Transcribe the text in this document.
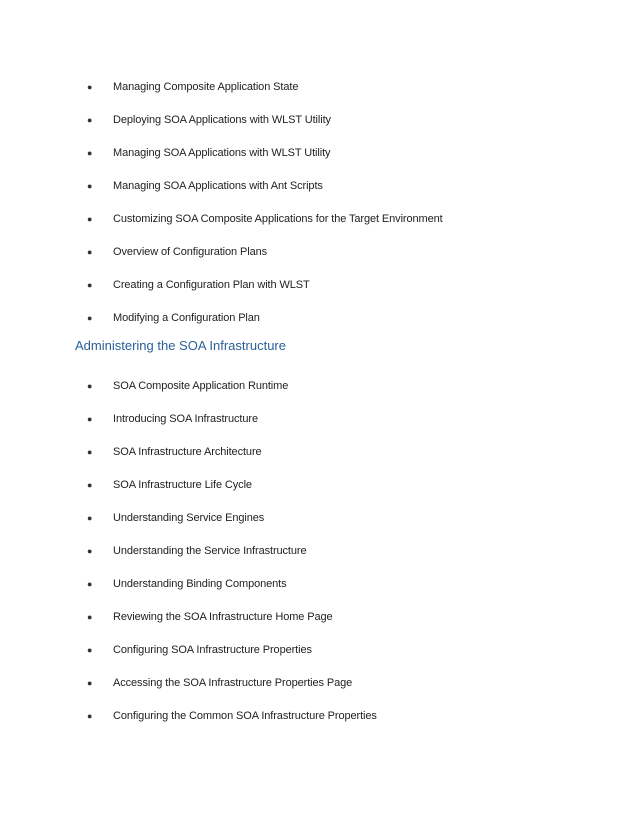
●	Managing Composite Application State
●	Deploying SOA Applications with WLST Utility
●	Managing SOA Applications with WLST Utility
●	Managing SOA Applications with Ant Scripts
●	Customizing SOA Composite Applications for the Target Environment
●	Overview of Configuration Plans
●	Creating a Configuration Plan with WLST
●	Modifying a Configuration Plan
Administering the SOA Infrastructure
●	SOA Composite Application Runtime
●	Introducing SOA Infrastructure
●	SOA Infrastructure Architecture
●	SOA Infrastructure Life Cycle
●	Understanding Service Engines
●	Understanding the Service Infrastructure
●	Understanding Binding Components
●	Reviewing the SOA Infrastructure Home Page
●	Configuring SOA Infrastructure Properties
●	Accessing the SOA Infrastructure Properties Page
●	Configuring the Common SOA Infrastructure Properties
